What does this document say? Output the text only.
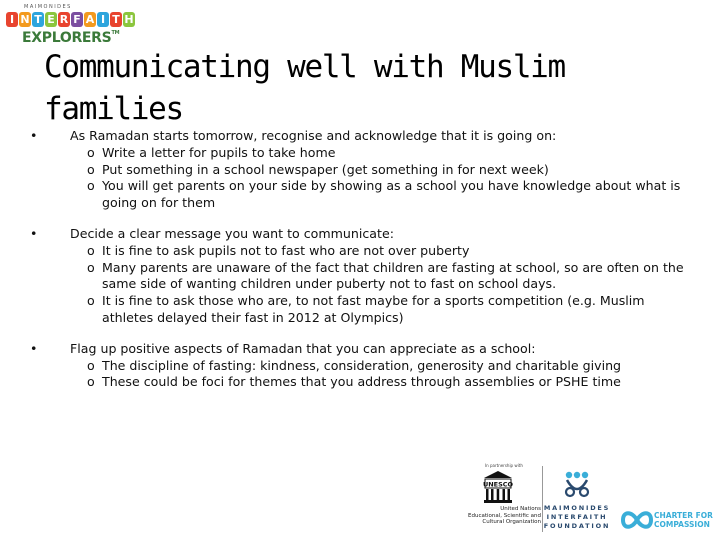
MAIMONIDES
I N T E R F A I T H
EXPLORERS™
Communicating well with Muslim families
•	As Ramadan starts tomorrow, recognise and acknowledge that it is going on:
o Write a letter for pupils to take home
o Put something in a school newspaper (get something in for next week)
o You will get parents on your side by showing as a school you have knowledge about what is going on for them
•	Decide a clear message you want to communicate:
o It is fine to ask pupils not to fast who are not over puberty
o Many parents are unaware of the fact that children are fasting at school, so are often on the same side of wanting children under puberty not to fast on school days.
o It is fine to ask those who are, to not fast maybe for a sports competition (e.g. Muslim athletes delayed their fast in 2012 at Olympics)
•	Flag up positive aspects of Ramadan that you can appreciate as a school:
o The discipline of fasting: kindness, consideration, generosity and charitable giving
o These could be foci for themes that you address through assemblies or PSHE time
In partnership with
UNESCO
United Nations
Educational, Scientific and
Cultural Organization
MAIMONIDES
INTERFAITH
FOUNDATION
CHARTER FOR
COMPASSION
